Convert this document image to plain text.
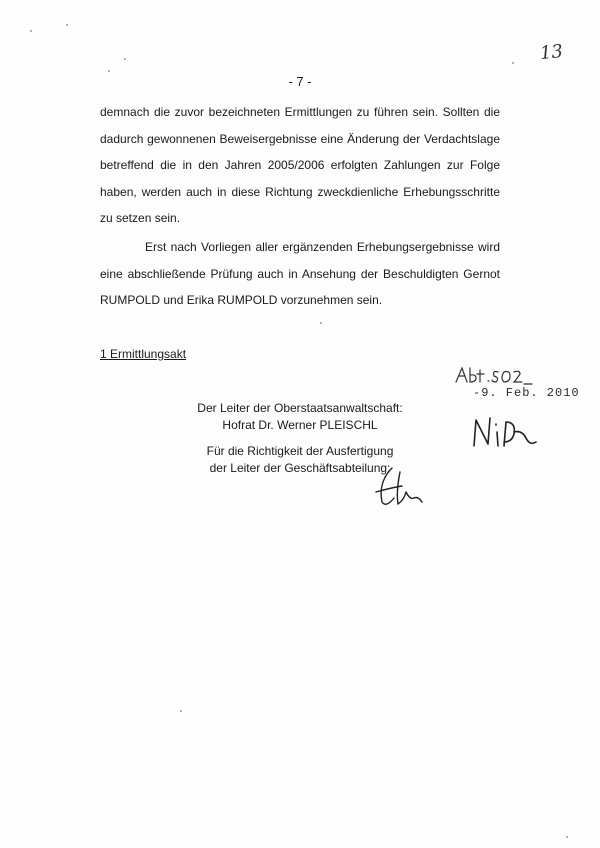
13
- 7 -

demnach die zuvor bezeichneten Ermittlungen zu führen sein. Sollten die dadurch gewonnenen Beweisergebnisse eine Änderung der Verdachtslage betreffend die in den Jahren 2005/2006 erfolgten Zahlungen zur Folge haben, werden auch in diese Richtung zweckdienliche Erhebungsschritte zu setzen sein.

Erst nach Vorliegen aller ergänzenden Erhebungsergebnisse wird eine abschließende Prüfung auch in Ansehung der Beschuldigten Gernot RUMPOLD und Erika RUMPOLD vorzunehmen sein.

1 Ermittlungsakt
Der Leiter der Oberstaatsanwaltschaft:
Hofrat Dr. Werner PLEISCHL
Für die Richtigkeit der Ausfertigung
der Leiter der Geschäftsabteilung:
-9. Feb. 2010
